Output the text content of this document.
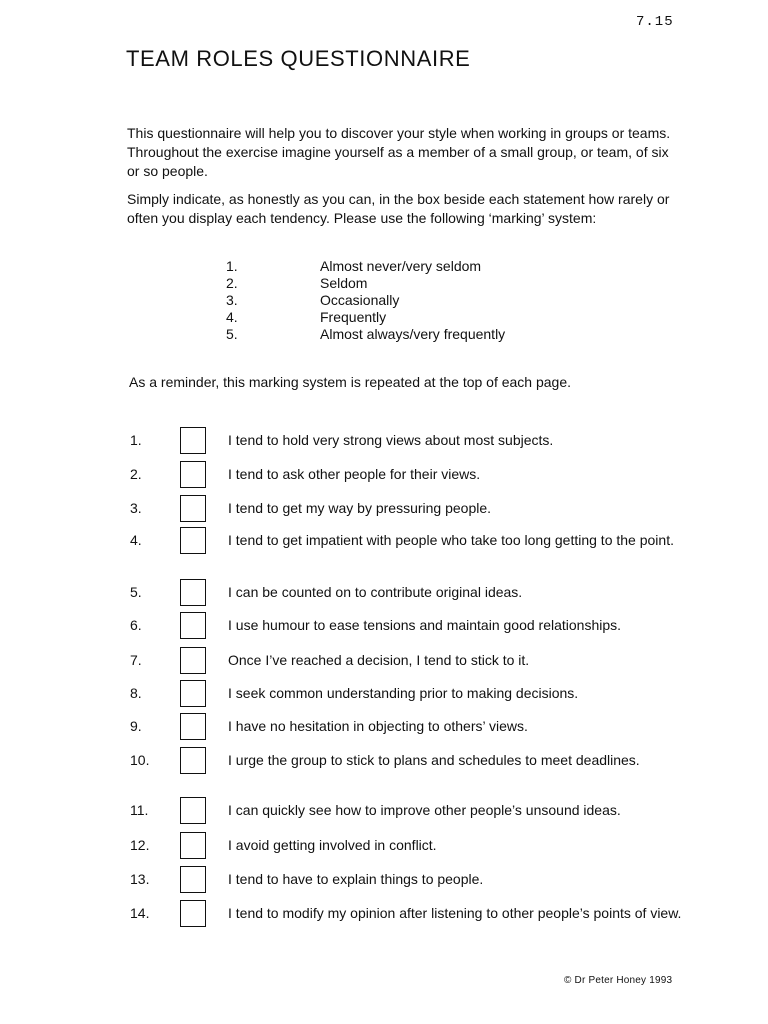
7.15
TEAM ROLES QUESTIONNAIRE

This questionnaire will help you to discover your style when working in groups or teams. Throughout the exercise imagine yourself as a member of a small group, or team, of six or so people.

Simply indicate, as honestly as you can, in the box beside each statement how rarely or often you display each tendency. Please use the following ‘marking’ system:

1.	Almost never/very seldom
2.	Seldom
3.	Occasionally
4.	Frequently
5.	Almost always/very frequently

As a reminder, this marking system is repeated at the top of each page.

1.	I tend to hold very strong views about most subjects.
2.	I tend to ask other people for their views.
3.	I tend to get my way by pressuring people.
4.	I tend to get impatient with people who take too long getting to the point.
5.	I can be counted on to contribute original ideas.
6.	I use humour to ease tensions and maintain good relationships.
7.	Once I’ve reached a decision, I tend to stick to it.
8.	I seek common understanding prior to making decisions.
9.	I have no hesitation in objecting to others’ views.
10.	I urge the group to stick to plans and schedules to meet deadlines.
11.	I can quickly see how to improve other people’s unsound ideas.
12.	I avoid getting involved in conflict.
13.	I tend to have to explain things to people.
14.	I tend to modify my opinion after listening to other people’s points of view.
© Dr Peter Honey 1993
